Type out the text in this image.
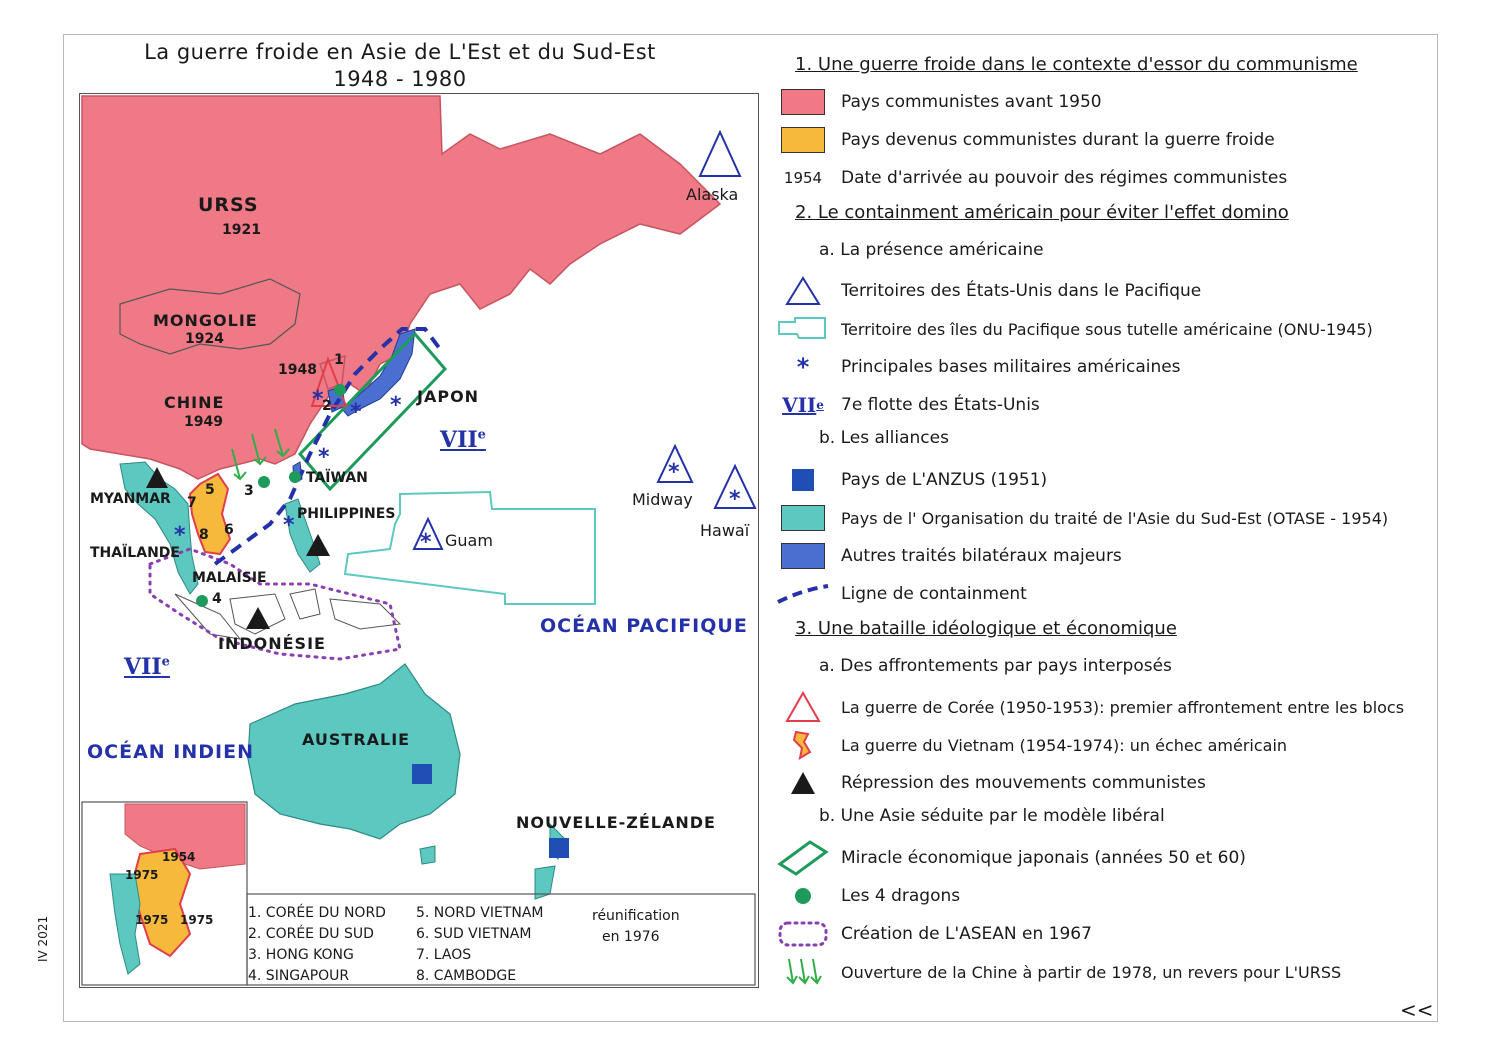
La guerre froide en Asie de L'Est et du Sud-Est
1948 - 1980
*
* *
*
*
*	*
*
*
URSS
1921
MONGOLIE
1924
CHINE
1949
JAPON
TAÏWAN
MYANMAR
THAÏLANDE
PHILIPPINES
MALAISIE
INDONÉSIE
AUSTRALIE
NOUVELLE-ZÉLANDE
OCÉAN PACIFIQUE
OCÉAN INDIEN
VIIe
VIIe
Alaska
Midway
Hawaï
Guam
1948
1
2
3
4
5
6
7
8
1954
1975
1975 1975 1. CORÉE DU NORD
2. CORÉE DU SUD
3. HONG KONG
4. SINGAPOUR
5. NORD VIETNAM
6. SUD VIETNAM
7. LAOS
8. CAMBODGE
réunification
en 1976
1. Une guerre froide dans le contexte d'essor du communisme
Pays communistes avant 1950
Pays devenus communistes durant la guerre froide
1954	Date d'arrivée au pouvoir des régimes communistes
2. Le containment américain pour éviter l'effet domino
a. La présence américaine
Territoires des États-Unis dans le Pacifique
Territoire des îles du Pacifique sous tutelle américaine (ONU-1945)
*	Principales bases militaires américaines
VII e 7e flotte des États-Unis
b. Les alliances
Pays de L'ANZUS (1951)
Pays de l' Organisation du traité de l'Asie du Sud-Est (OTASE - 1954)
Autres traités bilatéraux majeurs
Ligne de containment
3. Une bataille idéologique et économique
a. Des affrontements par pays interposés
La guerre de Corée (1950-1953): premier affrontement entre les blocs
La guerre du Vietnam (1954-1974): un échec américain
Répression des mouvements communistes
b. Une Asie séduite par le modèle libéral
Miracle économique japonais (années 50 et 60)
Les 4 dragons
Création de L'ASEAN en 1967
Ouverture de la Chine à partir de 1978, un revers pour L'URSS
IV 2021
<<
